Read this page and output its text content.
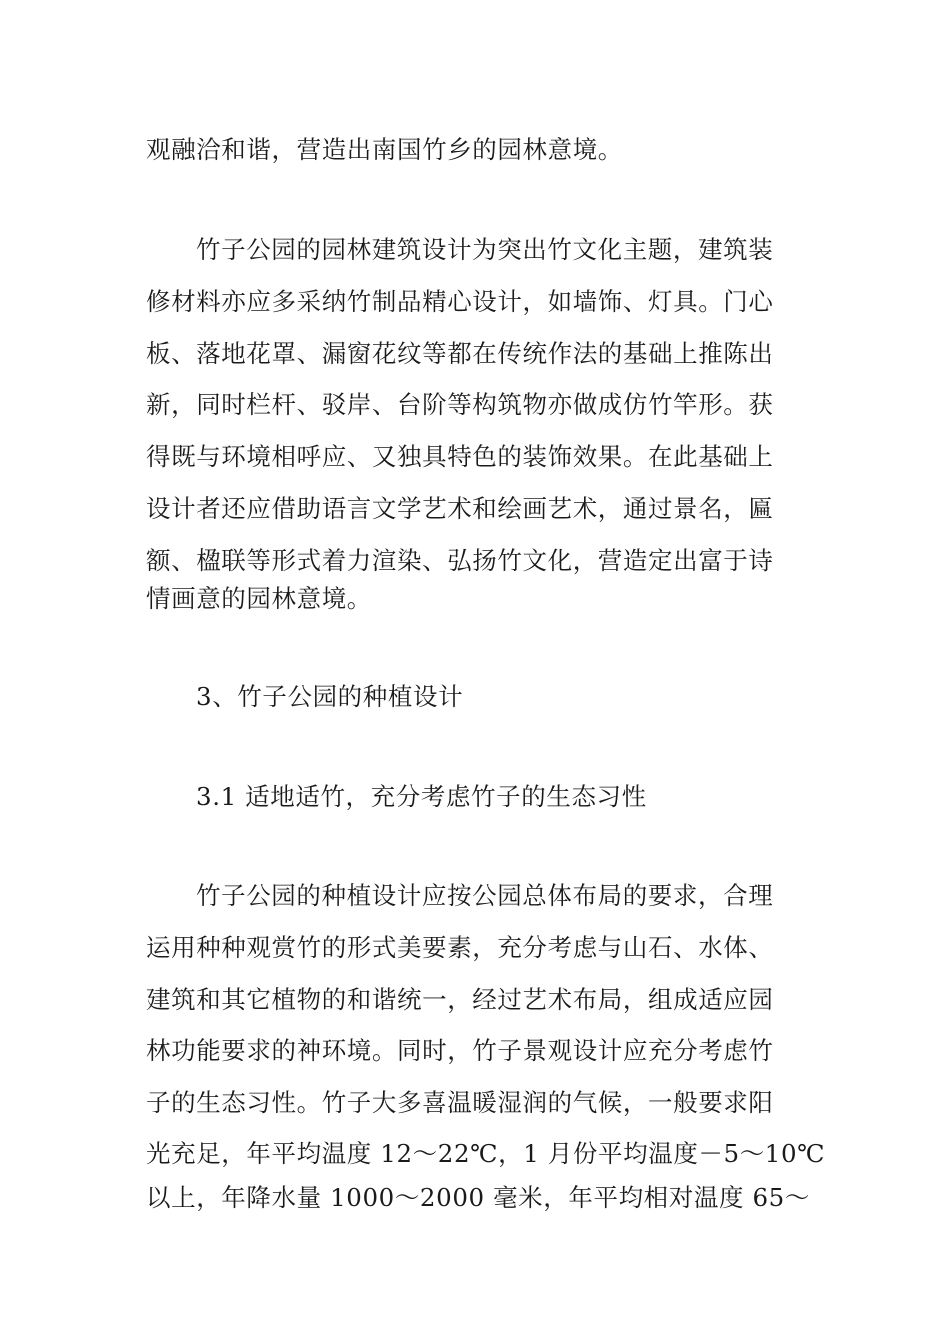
观融洽和谐，营造出南国竹乡的园林意境。
竹子公园的园林建筑设计为突出竹文化主题，建筑装
修材料亦应多采纳竹制品精心设计，如墙饰、灯具。门心
板、落地花罩、漏窗花纹等都在传统作法的基础上推陈出
新，同时栏杆、驳岸、台阶等构筑物亦做成仿竹竿形。获
得既与环境相呼应、又独具特色的装饰效果。在此基础上
设计者还应借助语言文学艺术和绘画艺术，通过景名，匾
额、楹联等形式着力渲染、弘扬竹文化，营造定出富于诗
情画意的园林意境。
3、竹子公园的种植设计
3.1 适地适竹，充分考虑竹子的生态习性
竹子公园的种植设计应按公园总体布局的要求，合理
运用种种观赏竹的形式美要素，充分考虑与山石、水体、
建筑和其它植物的和谐统一，经过艺术布局，组成适应园
林功能要求的衶环境。同时，竹子景观设计应充分考虑竹
子的生态习性。竹子大多喜温暖湿润的气候，一般要求阳
光充足，年平均温度 12～22℃，1 月份平均温度－5～10℃
以上，年降水量 1000～2000 毫米，年平均相对温度 65～
